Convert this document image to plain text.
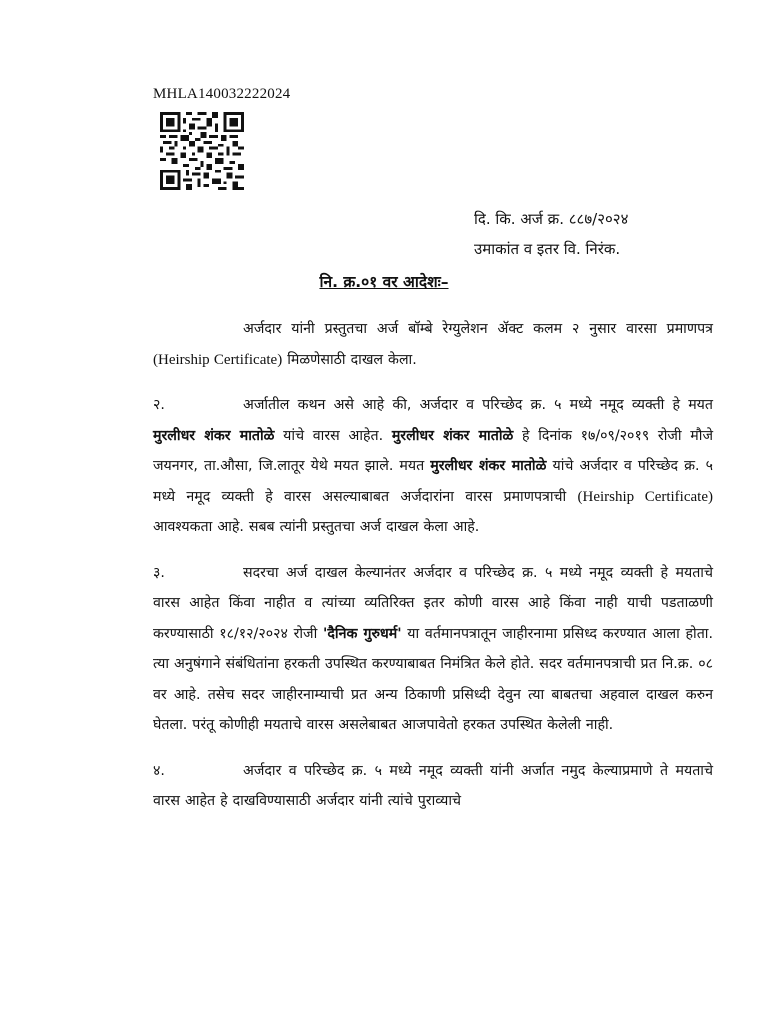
MHLA140032222024
दि. कि. अर्ज क्र. ८८७/२०२४
उमाकांत व इतर वि. निरंक.
नि. क्र.०१ वर आदेशः–

अर्जदार यांनी प्रस्तुतचा अर्ज बॉम्बे रेग्युलेशन ॲक्ट कलम २ नुसार वारसा प्रमाणपत्र (Heirship Certificate) मिळणेसाठी दाखल केला.

२.	अर्जातील कथन असे आहे की, अर्जदार व परिच्छेद क्र. ५ मध्ये नमूद व्यक्ती हे मयत मुरलीधर शंकर मातोळे यांचे वारस आहेत. मुरलीधर शंकर मातोळे हे दिनांक १७/०९/२०१९ रोजी मौजे जयनगर, ता.औसा, जि.लातूर येथे मयत झाले. मयत मुरलीधर शंकर मातोळे यांचे अर्जदार व परिच्छेद क्र. ५ मध्ये नमूद व्यक्ती हे वारस असल्याबाबत अर्जदारांना वारस प्रमाणपत्राची (Heirship Certificate) आवश्यकता आहे. सबब त्यांनी प्रस्तुतचा अर्ज दाखल केला आहे.

३.	सदरचा अर्ज दाखल केल्यानंतर अर्जदार व परिच्छेद क्र. ५ मध्ये नमूद व्यक्ती हे मयताचे वारस आहेत किंवा नाहीत व त्यांच्या व्यतिरिक्त इतर कोणी वारस आहे किंवा नाही याची पडताळणी करण्यासाठी १८/१२/२०२४ रोजी 'दैनिक गुरुधर्म' या वर्तमानपत्रातून जाहीरनामा प्रसिध्द करण्यात आला होता. त्या अनुषंगाने संबंधितांना हरकती उपस्थित करण्याबाबत निमंत्रित केले होते. सदर वर्तमानपत्राची प्रत नि.क्र. ०८ वर आहे. तसेच सदर जाहीरनाम्याची प्रत अन्य ठिकाणी प्रसिध्दी देवुन त्या बाबतचा अहवाल दाखल करुन घेतला. परंतू कोणीही मयताचे वारस असलेबाबत आजपावेतो हरकत उपस्थित केलेली नाही.

४.	अर्जदार व परिच्छेद क्र. ५ मध्ये नमूद व्यक्ती यांनी अर्जात नमुद केल्याप्रमाणे ते मयताचे वारस आहेत हे दाखविण्यासाठी अर्जदार यांनी त्यांचे पुराव्याचे
